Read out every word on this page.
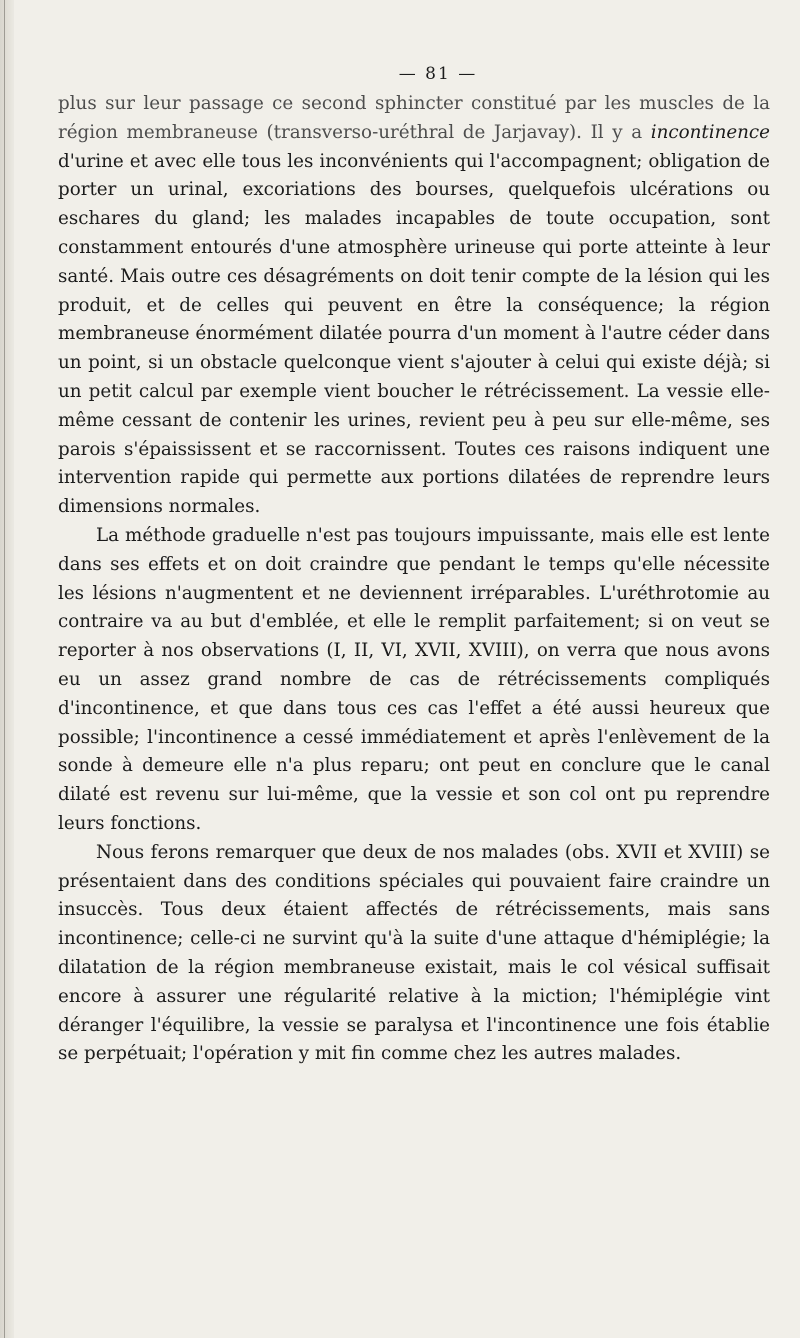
— 81 —

plus sur leur passage ce second sphincter constitué par les muscles de la région membraneuse (transverso-uréthral de Jarjavay). Il y a incontinence d'urine et avec elle tous les inconvénients qui l'accompagnent; obligation de porter un urinal, excoriations des bourses, quelquefois ulcérations ou eschares du gland; les malades incapables de toute occupation, sont constamment entourés d'une atmosphère urineuse qui porte atteinte à leur santé. Mais outre ces désagréments on doit tenir compte de la lésion qui les produit, et de celles qui peuvent en être la conséquence; la région membraneuse énormément dilatée pourra d'un moment à l'autre céder dans un point, si un obstacle quelconque vient s'ajouter à celui qui existe déjà; si un petit calcul par exemple vient boucher le rétrécissement. La vessie elle-même cessant de contenir les urines, revient peu à peu sur elle-même, ses parois s'épaississent et se raccornissent. Toutes ces raisons indiquent une intervention rapide qui permette aux portions dilatées de reprendre leurs dimensions normales.

La méthode graduelle n'est pas toujours impuissante, mais elle est lente dans ses effets et on doit craindre que pendant le temps qu'elle nécessite les lésions n'augmentent et ne deviennent irréparables. L'uréthrotomie au contraire va au but d'emblée, et elle le remplit parfaitement; si on veut se reporter à nos observations (I, II, VI, XVII, XVIII), on verra que nous avons eu un assez grand nombre de cas de rétrécissements compliqués d'incontinence, et que dans tous ces cas l'effet a été aussi heureux que possible; l'incontinence a cessé immédiatement et après l'enlèvement de la sonde à demeure elle n'a plus reparu; ont peut en conclure que le canal dilaté est revenu sur lui-même, que la vessie et son col ont pu reprendre leurs fonctions.

Nous ferons remarquer que deux de nos malades (obs. XVII et XVIII) se présentaient dans des conditions spéciales qui pouvaient faire craindre un insuccès. Tous deux étaient affectés de rétrécissements, mais sans incontinence; celle-ci ne survint qu'à la suite d'une attaque d'hémiplégie; la dilatation de la région membraneuse existait, mais le col vésical suffisait encore à assurer une régularité relative à la miction; l'hémiplégie vint déranger l'équilibre, la vessie se paralysa et l'incontinence une fois établie se perpétuait; l'opération y mit fin comme chez les autres malades.
